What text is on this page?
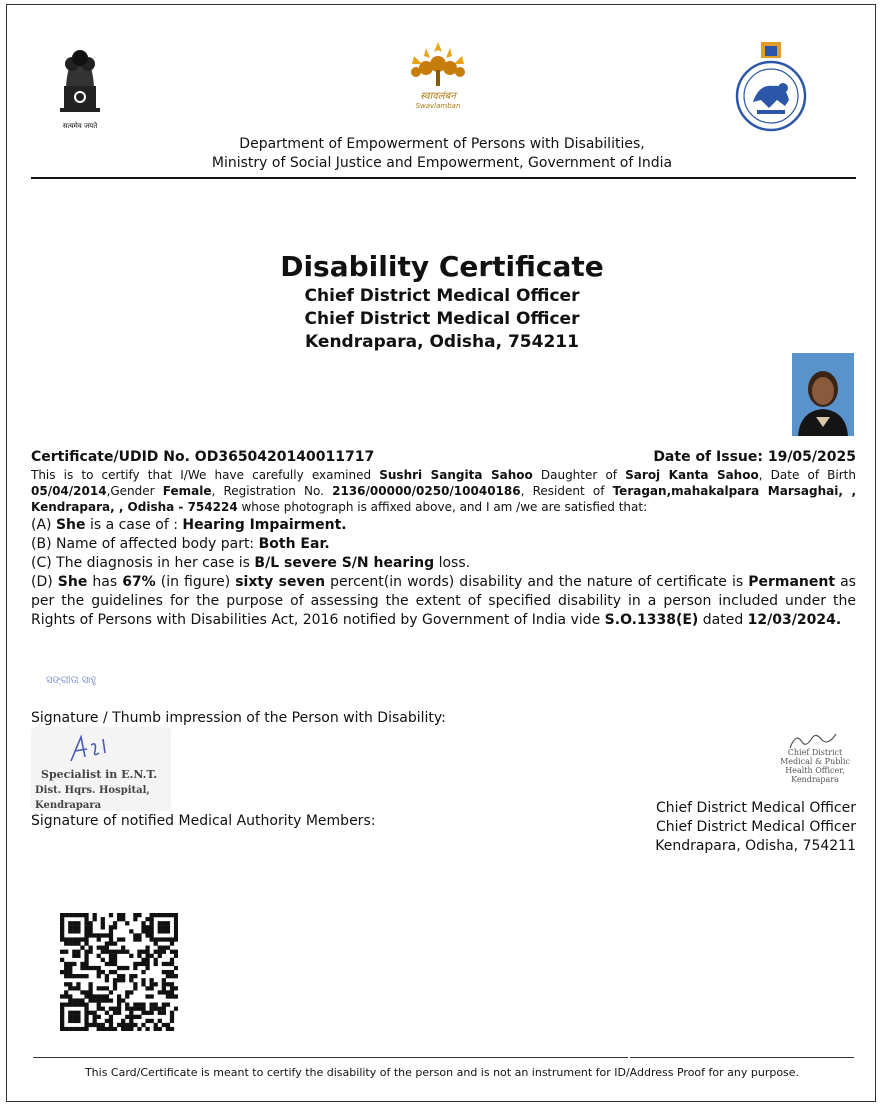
सत्यमेव जयते
स्वावलंबन
Swavlamban
Department of Empowerment of Persons with Disabilities,
Ministry of Social Justice and Empowerment, Government of India
Disability Certificate
Chief District Medical Officer
Chief District Medical Officer
Kendrapara, Odisha, 754211
Certificate/UDID No. OD3650420140011717	Date of Issue: 19/05/2025
This is to certify that I/We have carefully examined Sushri Sangita Sahoo Daughter of Saroj Kanta Sahoo, Date of Birth 05/04/2014,Gender Female, Registration No. 2136/00000/0250/10040186, Resident of Teragan,mahakalpara Marsaghai, , Kendrapara, , Odisha - 754224 whose photograph is affixed above, and I am /we are satisfied that:
(A) She is a case of : Hearing Impairment.
(B) Name of affected body part: Both Ear.
(C) The diagnosis in her case is B/L severe S/N hearing loss.
(D) She has 67% (in figure) sixty seven percent(in words) disability and the nature of certificate is Permanent as per the guidelines for the purpose of assessing the extent of specified disability in a person included under the Rights of Persons with Disabilities Act, 2016 notified by Government of India vide S.O.1338(E) dated 12/03/2024.
ସଙ୍ଗୀତା ସାହୁ
Signature / Thumb impression of the Person with Disability:
Specialist in E.N.T.
Dist. Hqrs. Hospital, Kendrapara
Signature of notified Medical Authority Members:
Chief District Medical & Public Health Officer, Kendrapara
Chief District Medical Officer
Chief District Medical Officer
Kendrapara, Odisha, 754211
This Card/Certificate is meant to certify the disability of the person and is not an instrument for ID/Address Proof for any purpose.
